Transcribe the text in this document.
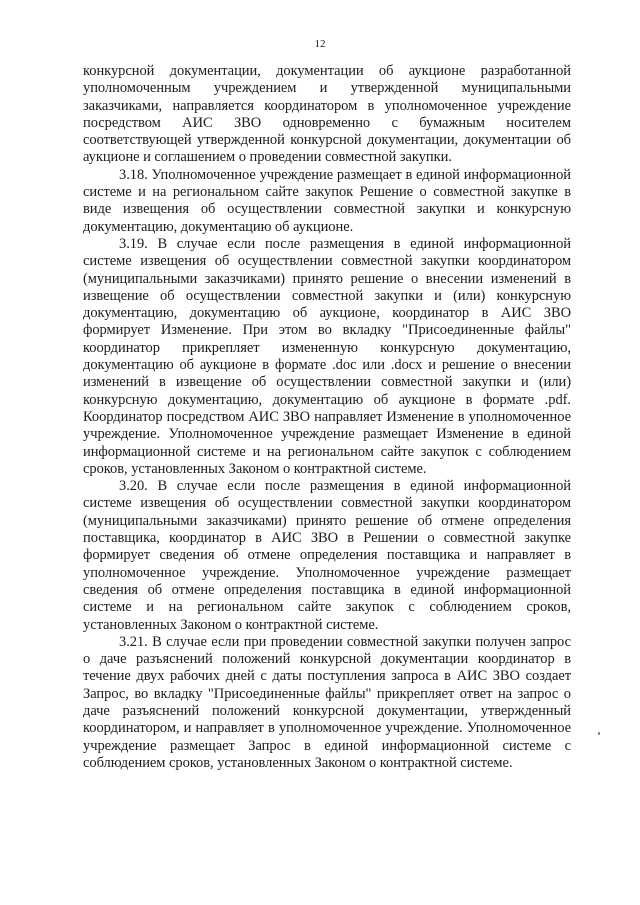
12

конкурсной документации, документации об аукционе разработанной уполномоченным учреждением и утвержденной муниципальными заказчиками, направляется координатором в уполномоченное учреждение посредством АИС ЗВО одновременно с бумажным носителем соответствующей утвержденной конкурсной документации, документации об аукционе и соглашением о проведении совместной закупки.

3.18. Уполномоченное учреждение размещает в единой информационной системе и на региональном сайте закупок Решение о совместной закупке в виде извещения об осуществлении совместной закупки и конкурсную документацию, документацию об аукционе.

3.19. В случае если после размещения в единой информационной системе извещения об осуществлении совместной закупки координатором (муниципальными заказчиками) принято решение о внесении изменений в извещение об осуществлении совместной закупки и (или) конкурсную документацию, документацию об аукционе, координатор в АИС ЗВО формирует Изменение. При этом во вкладку "Присоединенные файлы" координатор прикрепляет измененную конкурсную документацию, документацию об аукционе в формате .doc или .docx и решение о внесении изменений в извещение об осуществлении совместной закупки и (или) конкурсную документацию, документацию об аукционе в формате .pdf. Координатор посредством АИС ЗВО направляет Изменение в уполномоченное учреждение. Уполномоченное учреждение размещает Изменение в единой информационной системе и на региональном сайте закупок с соблюдением сроков, установленных Законом о контрактной системе.

3.20. В случае если после размещения в единой информационной системе извещения об осуществлении совместной закупки координатором (муниципальными заказчиками) принято решение об отмене определения поставщика, координатор в АИС ЗВО в Решении о совместной закупке формирует сведения об отмене определения поставщика и направляет в уполномоченное учреждение. Уполномоченное учреждение размещает сведения об отмене определения поставщика в единой информационной системе и на региональном сайте закупок с соблюдением сроков, установленных Законом о контрактной системе.

3.21. В случае если при проведении совместной закупки получен запрос о даче разъяснений положений конкурсной документации координатор в течение двух рабочих дней с даты поступления запроса в АИС ЗВО создает Запрос, во вкладку "Присоединенные файлы" прикрепляет ответ на запрос о даче разъяснений положений конкурсной документации, утвержденный координатором, и направляет в уполномоченное учреждение. Уполномоченное учреждение размещает Запрос в единой информационной системе с соблюдением сроков, установленных Законом о контрактной системе.
